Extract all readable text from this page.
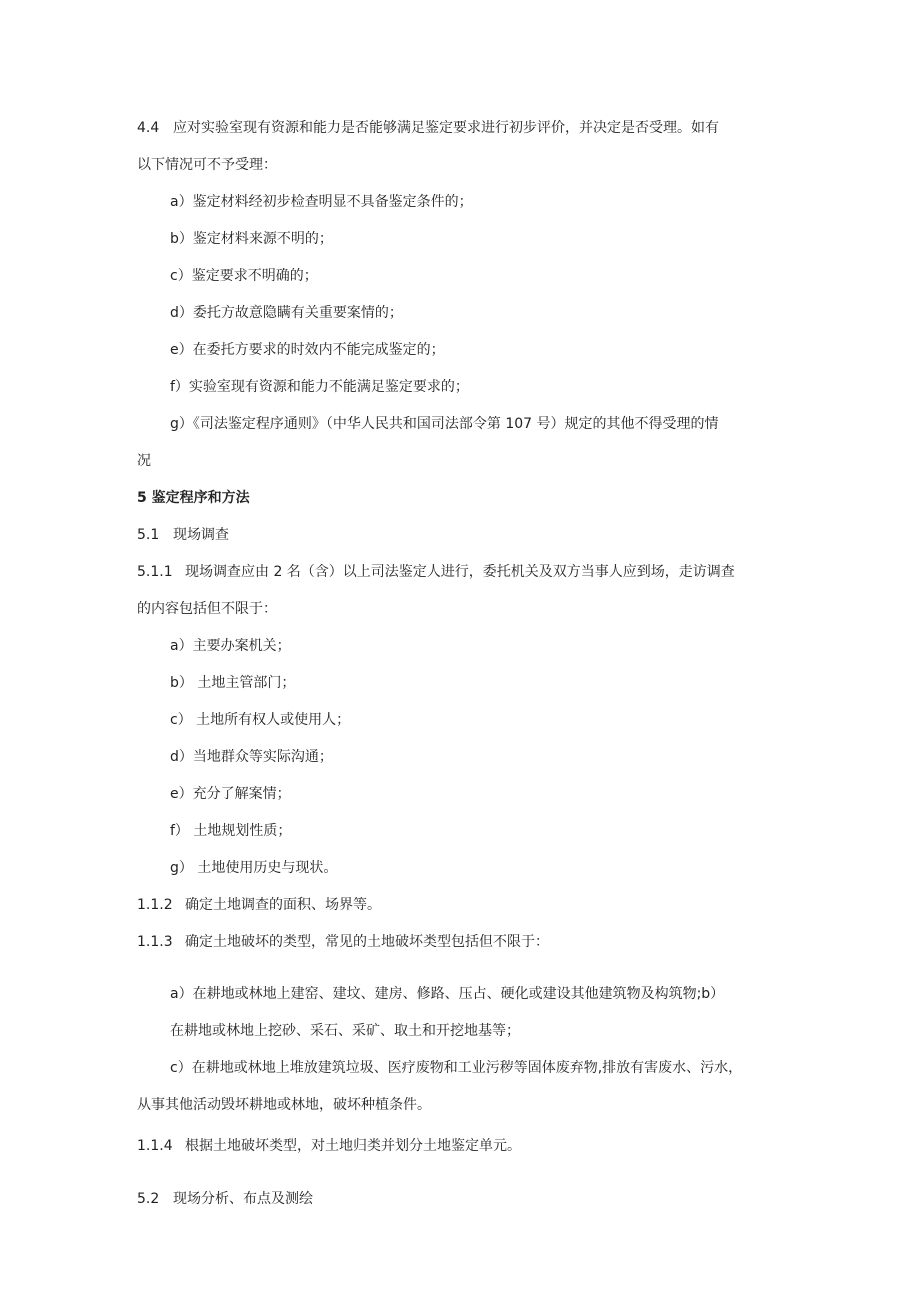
4.4 应对实验室现有资源和能力是否能够满足鉴定要求进行初步评价，并决定是否受理。如有
以下情况可不予受理：
a）鉴定材料经初步检查明显不具备鉴定条件的；
b）鉴定材料来源不明的；
c）鉴定要求不明确的；
d）委托方故意隐瞒有关重要案情的；
e）在委托方要求的时效内不能完成鉴定的；
f）实验室现有资源和能力不能满足鉴定要求的；
g）《司法鉴定程序通则》（中华人民共和国司法部令第 107 号）规定的其他不得受理的情
况
5 鉴定程序和方法
5.1 现场调查
5.1.1 现场调查应由 2 名（含）以上司法鉴定人进行，委托机关及双方当事人应到场，走访调查
的内容包括但不限于：
a）主要办案机关；
b） 土地主管部门；
c） 土地所有权人或使用人；
d）当地群众等实际沟通；
e）充分了解案情；
f） 土地规划性质；
g） 土地使用历史与现状。
1.1.2 确定土地调查的面积、场界等。
1.1.3 确定土地破坏的类型，常见的土地破坏类型包括但不限于：
a）在耕地或林地上建窑、建坟、建房、修路、压占、硬化或建设其他建筑物及构筑物;b）
在耕地或林地上挖砂、采石、采矿、取土和开挖地基等；
c）在耕地或林地上堆放建筑垃圾、医疗废物和工业污秽等固体废弃物,排放有害废水、污水，
从事其他活动毁坏耕地或林地，破坏种植条件。
1.1.4 根据土地破坏类型，对土地归类并划分土地鉴定单元。
5.2 现场分析、布点及测绘
